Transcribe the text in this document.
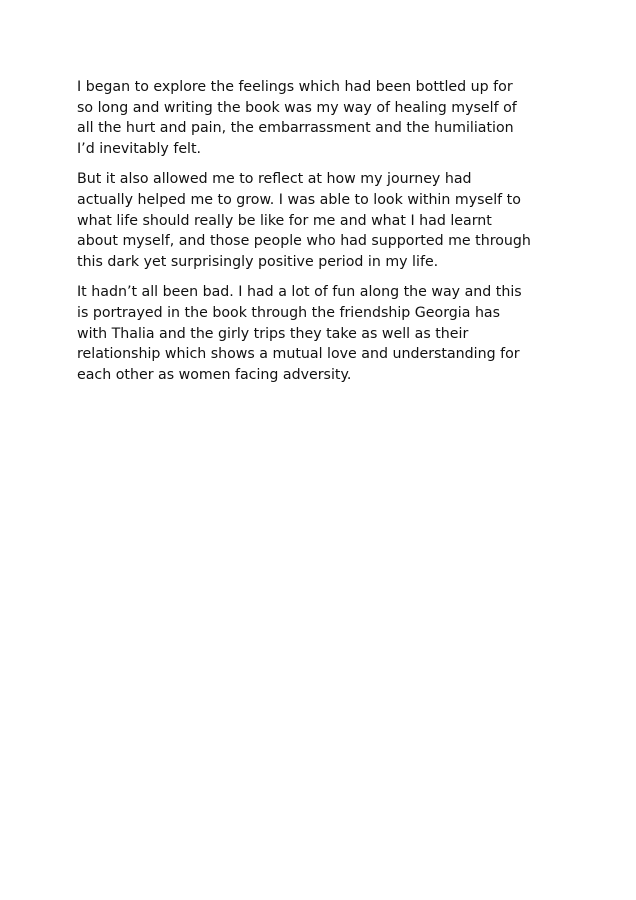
I began to explore the feelings which had been bottled up for
so long and writing the book was my way of healing myself of
all the hurt and pain, the embarrassment and the humiliation
I’d inevitably felt.

But it also allowed me to reflect at how my journey had
actually helped me to grow. I was able to look within myself to
what life should really be like for me and what I had learnt
about myself, and those people who had supported me through
this dark yet surprisingly positive period in my life.

It hadn’t all been bad. I had a lot of fun along the way and this
is portrayed in the book through the friendship Georgia has
with Thalia and the girly trips they take as well as their
relationship which shows a mutual love and understanding for
each other as women facing adversity.
